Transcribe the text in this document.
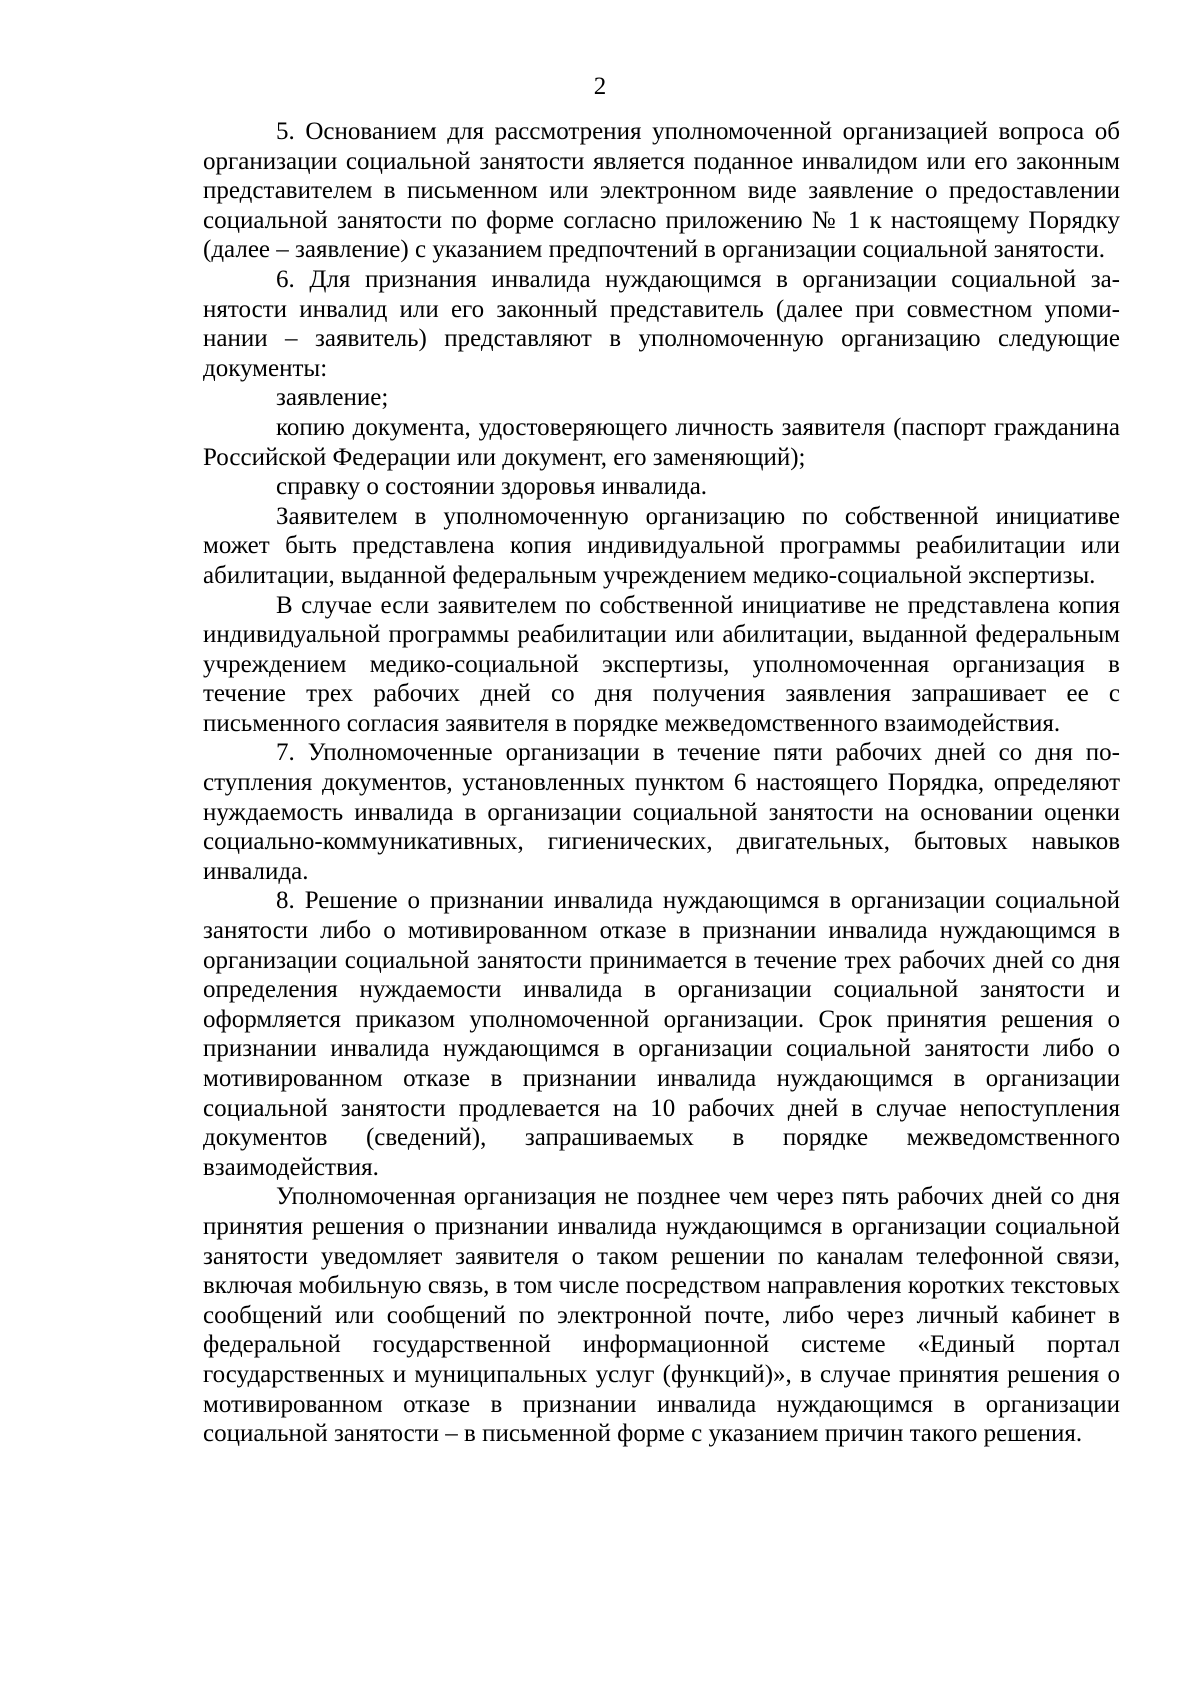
2

5. Основанием для рассмотрения уполномоченной организацией вопроса об организации социальной занятости является поданное инвалидом или его законным представителем в письменном или электронном виде заявление о предоставлении социальной занятости по форме согласно приложению № 1 к настоящему Порядку (далее – заявление) с указанием предпочтений в организации социальной занятости.

6. Для признания инвалида нуждающимся в организации социальной занятости инвалид или его законный представитель (далее при совместном упоминании – заявитель) представляют в уполномоченную организацию следующие документы:

заявление;

копию документа, удостоверяющего личность заявителя (паспорт гражданина Российской Федерации или документ, его заменяющий);

справку о состоянии здоровья инвалида.

Заявителем в уполномоченную организацию по собственной инициативе может быть представлена копия индивидуальной программы реабилитации или абилитации, выданной федеральным учреждением медико-социальной экспертизы.

В случае если заявителем по собственной инициативе не представлена копия индивидуальной программы реабилитации или абилитации, выданной федеральным учреждением медико-социальной экспертизы, уполномоченная организация в течение трех рабочих дней со дня получения заявления запрашивает ее с письменного согласия заявителя в порядке межведомственного взаимодействия.

7. Уполномоченные организации в течение пяти рабочих дней со дня поступления документов, установленных пунктом 6 настоящего Порядка, определяют нуждаемость инвалида в организации социальной занятости на основании оценки социально-коммуникативных, гигиенических, двигательных, бытовых навыков инвалида.

8. Решение о признании инвалида нуждающимся в организации социальной занятости либо о мотивированном отказе в признании инвалида нуждающимся в организации социальной занятости принимается в течение трех рабочих дней со дня определения нуждаемости инвалида в организации социальной занятости и оформляется приказом уполномоченной организации. Срок принятия решения о признании инвалида нуждающимся в организации социальной занятости либо о мотивированном отказе в признании инвалида нуждающимся в организации социальной занятости продлевается на 10 рабочих дней в случае непоступления документов (сведений), запрашиваемых в порядке межведомственного взаимодействия.

Уполномоченная организация не позднее чем через пять рабочих дней со дня принятия решения о признании инвалида нуждающимся в организации социальной занятости уведомляет заявителя о таком решении по каналам телефонной связи, включая мобильную связь, в том числе посредством направления коротких текстовых сообщений или сообщений по электронной почте, либо через личный кабинет в федеральной государственной информационной системе «Единый портал государственных и муниципальных услуг (функций)», в случае принятия решения о мотивированном отказе в признании инвалида нуждающимся в организации социальной занятости – в письменной форме с указанием причин такого решения.
